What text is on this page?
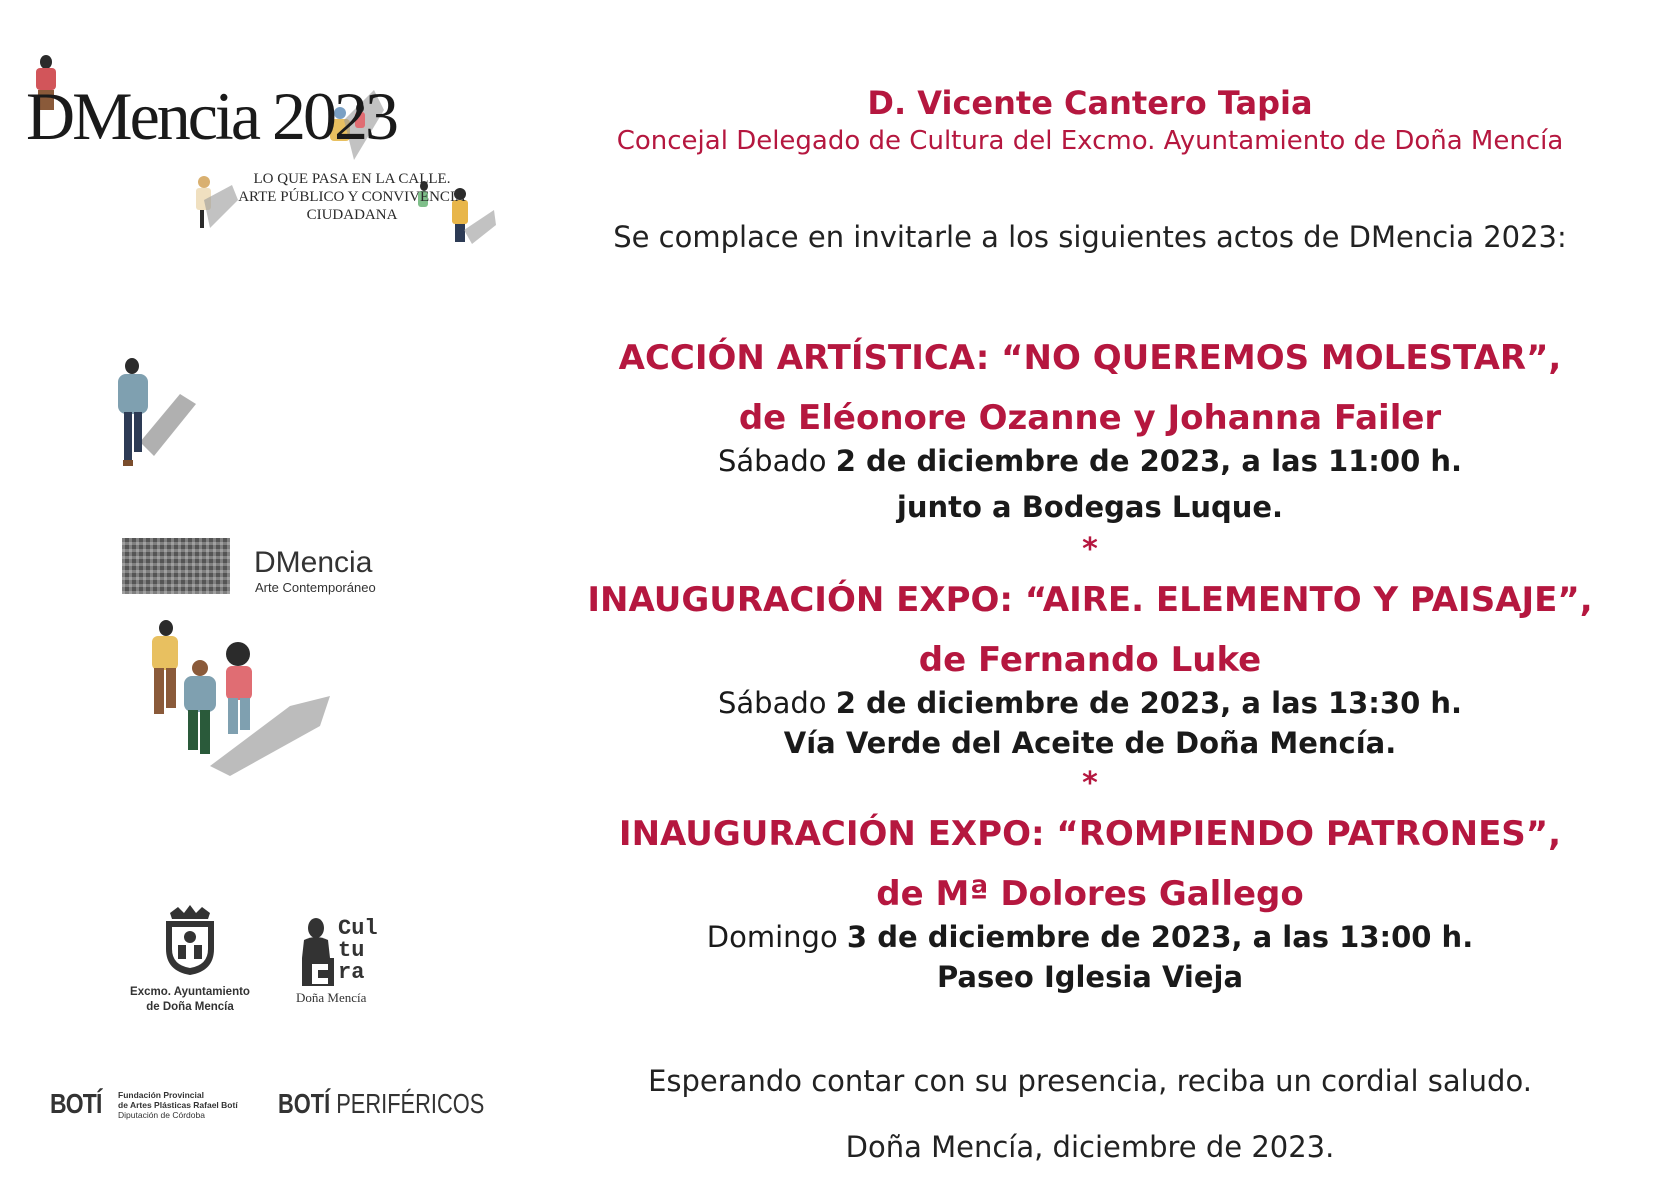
DMencia 2023
LO QUE PASA EN LA CALLE.
ARTE PÚBLICO Y CONVIVENCIA
CIUDADANA
DMencia
Arte Contemporáneo
Excmo. Ayuntamiento
de Doña Mencía
Cul
tu
ra
Doña Mencía
BOTÍ Fundación Provincial
de Artes Plásticas Rafael Botí
Diputación de Córdoba	BOTÍ PERIFÉRICOS
D. Vicente Cantero Tapia
Concejal Delegado de Cultura del Excmo. Ayuntamiento de Doña Mencía
Se complace en invitarle a los siguientes actos de DMencia 2023:
ACCIÓN ARTÍSTICA: “NO QUEREMOS MOLESTAR”,
de Eléonore Ozanne y Johanna Failer
Sábado 2 de diciembre de 2023, a las 11:00 h.
junto a Bodegas Luque.
*
INAUGURACIÓN EXPO: “AIRE. ELEMENTO Y PAISAJE”,
de Fernando Luke
Sábado 2 de diciembre de 2023, a las 13:30 h.
Vía Verde del Aceite de Doña Mencía.
*
INAUGURACIÓN EXPO: “ROMPIENDO PATRONES”,
de Mª Dolores Gallego
Domingo 3 de diciembre de 2023, a las 13:00 h.
Paseo Iglesia Vieja
Esperando contar con su presencia, reciba un cordial saludo.
Doña Mencía, diciembre de 2023.
